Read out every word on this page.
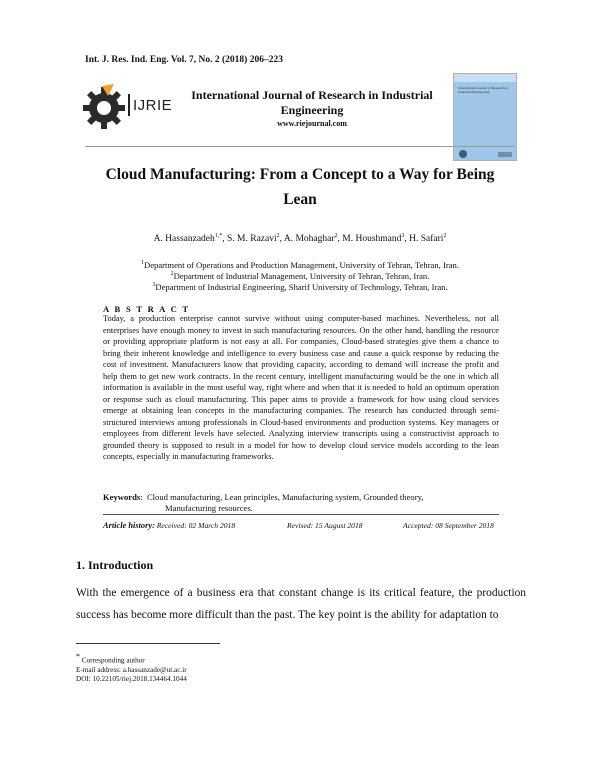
Int. J. Res. Ind. Eng. Vol. 7, No. 2 (2018) 206–223
IJRIE
International Journal of Research in Industrial
Engineering
www.riejournal.com
International Journal of Research in Industrial Engineering
Cloud Manufacturing: From a Concept to a Way for Being
Lean
A. Hassanzadeh$^{1,*}$, S. M. Razavi$^2$, A. Mohaghar$^2$, M. Houshmand$^3$, H. Safari$^2$
$^1$Department of Operations and Production Management, University of Tehran, Tehran, Iran.
$^2$Department of Industrial Management, University of Tehran, Tehran, Iran.
$^3$Department of Industrial Engineering, Sharif University of Technology, Tehran, Iran.
A B S T R A C T
Today, a production enterprise cannot survive without using computer-based machines. Nevertheless, not all enterprises have enough money to invest in such manufacturing resources. On the other hand, handling the resource or providing appropriate platform is not easy at all. For companies, Cloud-based strategies give them a chance to bring their inherent knowledge and intelligence to every business case and cause a quick response by reducing the cost of investment. Manufacturers know that providing capacity, according to demand will increase the profit and help them to get new work contracts. In the recent century, intelligent manufacturing would be the one in which all information is available in the most useful way, right where and when that it is needed to hold an optimum operation or response such as cloud manufacturing. This paper aims to provide a framework for how using cloud services emerge at obtaining lean concepts in the manufacturing companies. The research has conducted through semi-structured interviews among professionals in Cloud-based environments and production systems. Key managers or employees from different levels have selected. Analyzing interview transcripts using a constructivist approach to grounded theory is supposed to result in a model for how to develop cloud service models according to the lean concepts, especially in manufacturing frameworks.
Keywords:  Cloud manufacturing, Lean principles, Manufacturing system, Grounded theory,
Manufacturing resources.
Article history: Received: 02 March 2018	Revised: 15 August 2018	Accepted: 08 September 2018
1. Introduction
With the emergence of a business era that constant change is its critical feature, the production success has become more difficult than the past. The key point is the ability for adaptation to
* Corresponding author
E-mail address: a.hassanzade@ut.ac.ir
DOI: 10.22105/riej.2018.134464.1044
